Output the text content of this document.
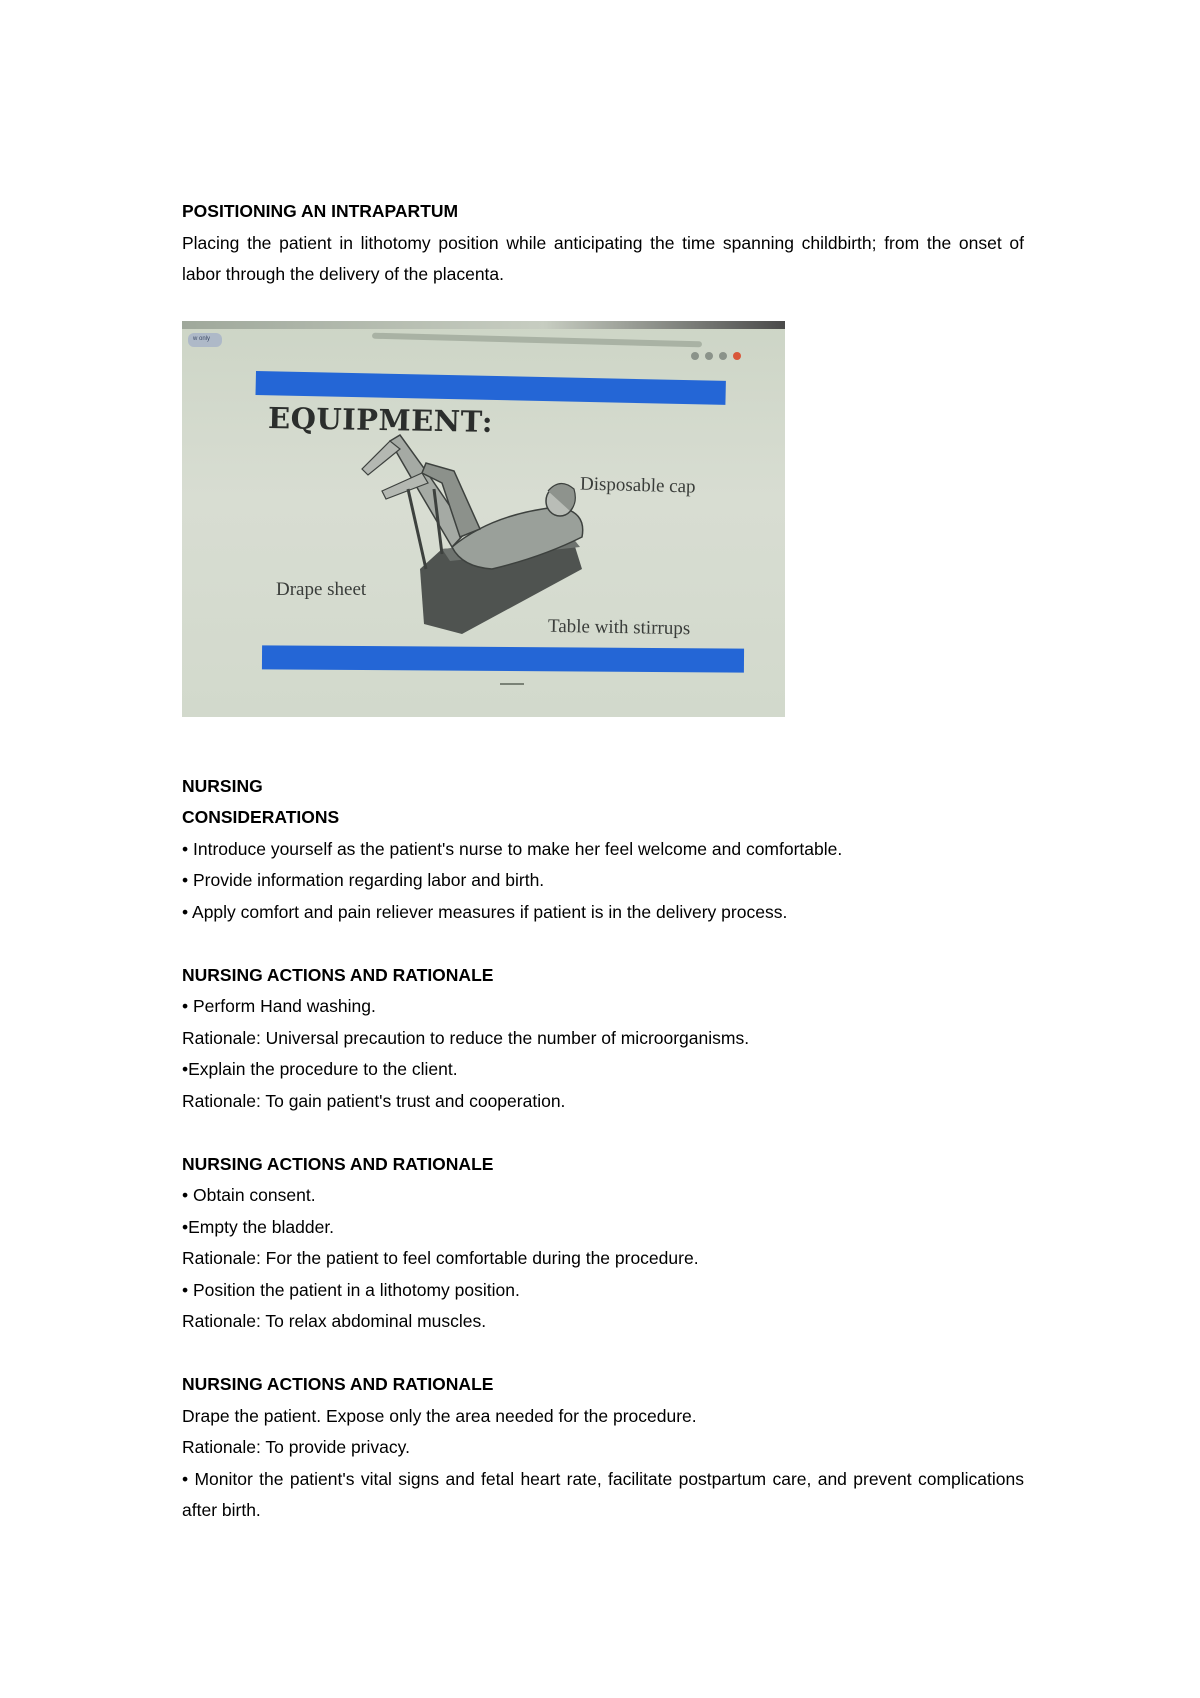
POSITIONING AN INTRAPARTUM

Placing the patient in lithotomy position while anticipating the time spanning childbirth; from the onset of labor through the delivery of the placenta.

w only
EQUIPMENT:
Disposable cap
Drape sheet
Table with stirrups

NURSING

CONSIDERATIONS

• Introduce yourself as the patient's nurse to make her feel welcome and comfortable.

• Provide information regarding labor and birth.

• Apply comfort and pain reliever measures if patient is in the delivery process.

NURSING ACTIONS AND RATIONALE

• Perform Hand washing.

Rationale: Universal precaution to reduce the number of microorganisms.

•Explain the procedure to the client.

Rationale: To gain patient's trust and cooperation.

NURSING ACTIONS AND RATIONALE

• Obtain consent.

•Empty the bladder.

Rationale: For the patient to feel comfortable during the procedure.

• Position the patient in a lithotomy position.

Rationale: To relax abdominal muscles.

NURSING ACTIONS AND RATIONALE

Drape the patient. Expose only the area needed for the procedure.

Rationale: To provide privacy.

• Monitor the patient's vital signs and fetal heart rate, facilitate postpartum care, and prevent complications after birth.
